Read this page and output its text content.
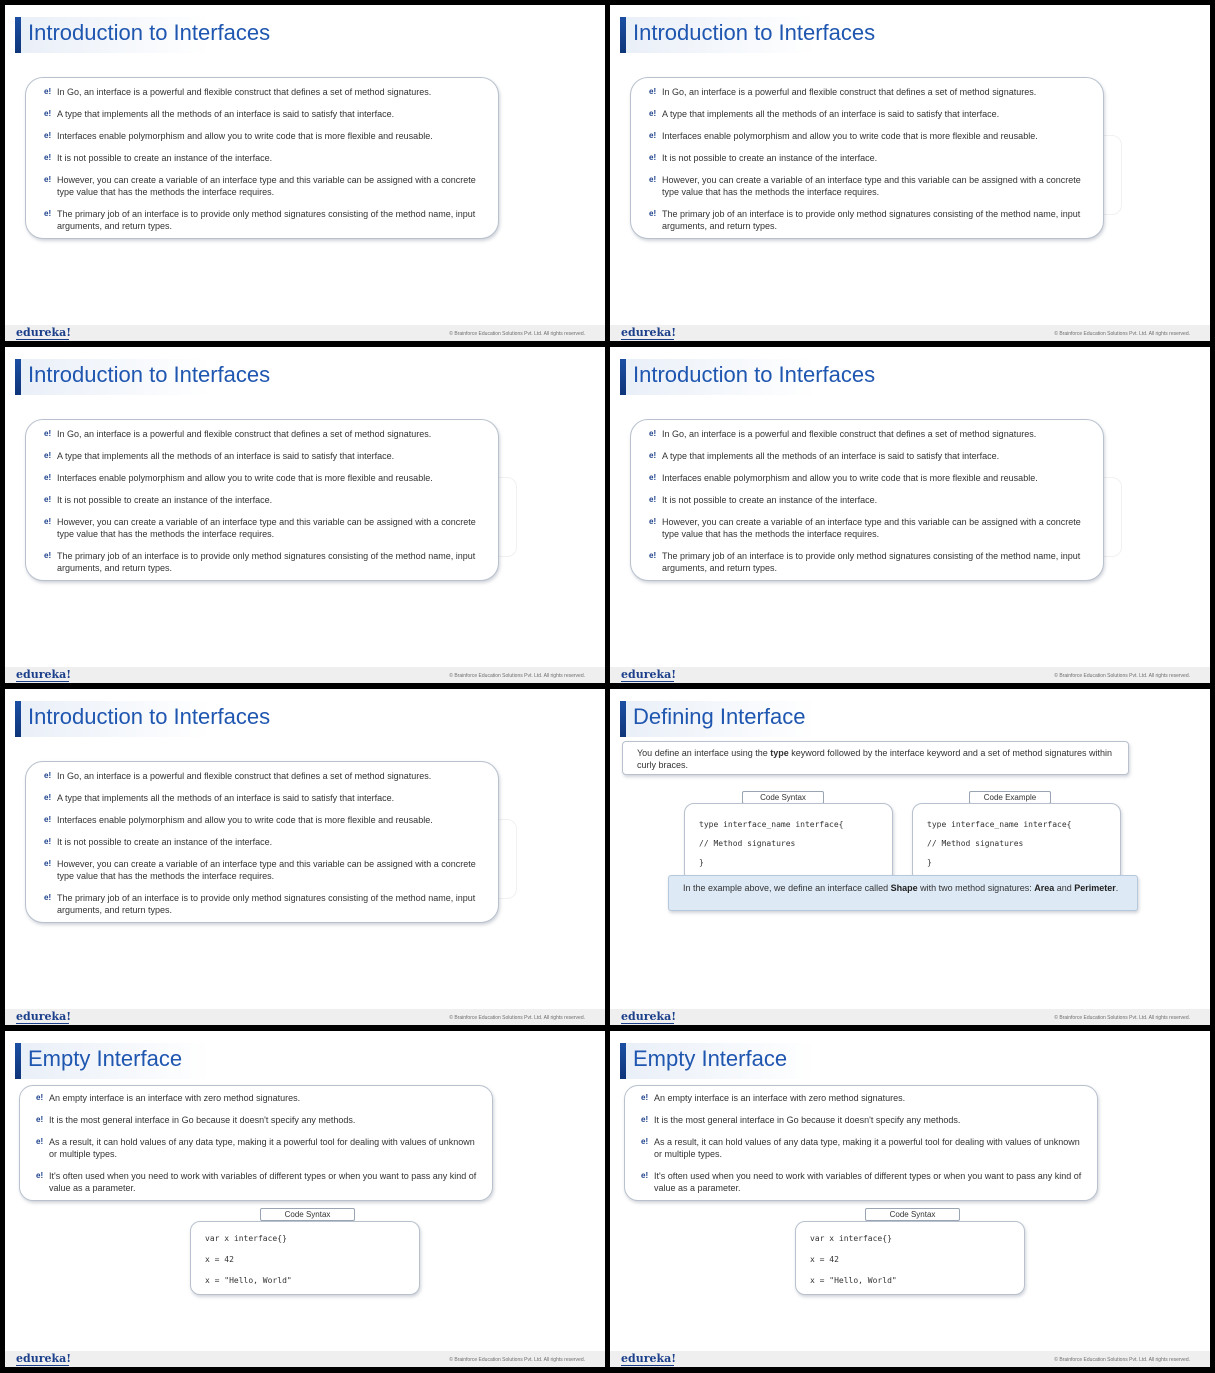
Introduction to Interfaces
edureka!	© Brainforce Education Solutions Pvt. Ltd. All rights reserved.
e! In Go, an interface is a powerful and flexible construct that defines a set of method signatures.
e! A type that implements all the methods of an interface is said to satisfy that interface.
e! Interfaces enable polymorphism and allow you to write code that is more flexible and reusable.
e! It is not possible to create an instance of the interface.
e! However, you can create a variable of an interface type and this variable can be assigned with a concrete type value that has the methods the interface requires.
e! The primary job of an interface is to provide only method signatures consisting of the method name, input arguments, and return types.
Introduction to Interfaces
edureka!	© Brainforce Education Solutions Pvt. Ltd. All rights reserved.
e! In Go, an interface is a powerful and flexible construct that defines a set of method signatures.
e! A type that implements all the methods of an interface is said to satisfy that interface.
e! Interfaces enable polymorphism and allow you to write code that is more flexible and reusable.
e! It is not possible to create an instance of the interface.
e! However, you can create a variable of an interface type and this variable can be assigned with a concrete type value that has the methods the interface requires.
e! The primary job of an interface is to provide only method signatures consisting of the method name, input arguments, and return types.
Introduction to Interfaces
edureka!	© Brainforce Education Solutions Pvt. Ltd. All rights reserved.
e! In Go, an interface is a powerful and flexible construct that defines a set of method signatures.
e! A type that implements all the methods of an interface is said to satisfy that interface.
e! Interfaces enable polymorphism and allow you to write code that is more flexible and reusable.
e! It is not possible to create an instance of the interface.
e! However, you can create a variable of an interface type and this variable can be assigned with a concrete type value that has the methods the interface requires.
e! The primary job of an interface is to provide only method signatures consisting of the method name, input arguments, and return types.
Introduction to Interfaces
edureka!	© Brainforce Education Solutions Pvt. Ltd. All rights reserved.
e! In Go, an interface is a powerful and flexible construct that defines a set of method signatures.
e! A type that implements all the methods of an interface is said to satisfy that interface.
e! Interfaces enable polymorphism and allow you to write code that is more flexible and reusable.
e! It is not possible to create an instance of the interface.
e! However, you can create a variable of an interface type and this variable can be assigned with a concrete type value that has the methods the interface requires.
e! The primary job of an interface is to provide only method signatures consisting of the method name, input arguments, and return types.
Introduction to Interfaces
edureka!	© Brainforce Education Solutions Pvt. Ltd. All rights reserved.
e! In Go, an interface is a powerful and flexible construct that defines a set of method signatures.
e! A type that implements all the methods of an interface is said to satisfy that interface.
e! Interfaces enable polymorphism and allow you to write code that is more flexible and reusable.
e! It is not possible to create an instance of the interface.
e! However, you can create a variable of an interface type and this variable can be assigned with a concrete type value that has the methods the interface requires.
e! The primary job of an interface is to provide only method signatures consisting of the method name, input arguments, and return types.
Defining Interface
edureka!	© Brainforce Education Solutions Pvt. Ltd. All rights reserved.
You define an interface using the type keyword followed by the interface keyword and a set of method signatures within curly braces.
Code Syntax
type interface_name interface{
// Method signatures
}
Code Example
type interface_name interface{
// Method signatures
}
In the example above, we define an interface called Shape with two method signatures: Area and Perimeter.
Empty Interface
edureka!	© Brainforce Education Solutions Pvt. Ltd. All rights reserved.
e! An empty interface is an interface with zero method signatures.
e! It is the most general interface in Go because it doesn't specify any methods.
e! As a result, it can hold values of any data type, making it a powerful tool for dealing with values of unknown or multiple types.
e! It's often used when you need to work with variables of different types or when you want to pass any kind of value as a parameter.
Code Syntax
var x interface{}
x = 42
x = "Hello, World"
Empty Interface
edureka!	© Brainforce Education Solutions Pvt. Ltd. All rights reserved.
e! An empty interface is an interface with zero method signatures.
e! It is the most general interface in Go because it doesn't specify any methods.
e! As a result, it can hold values of any data type, making it a powerful tool for dealing with values of unknown or multiple types.
e! It's often used when you need to work with variables of different types or when you want to pass any kind of value as a parameter.
Code Syntax
var x interface{}
x = 42
x = "Hello, World"
